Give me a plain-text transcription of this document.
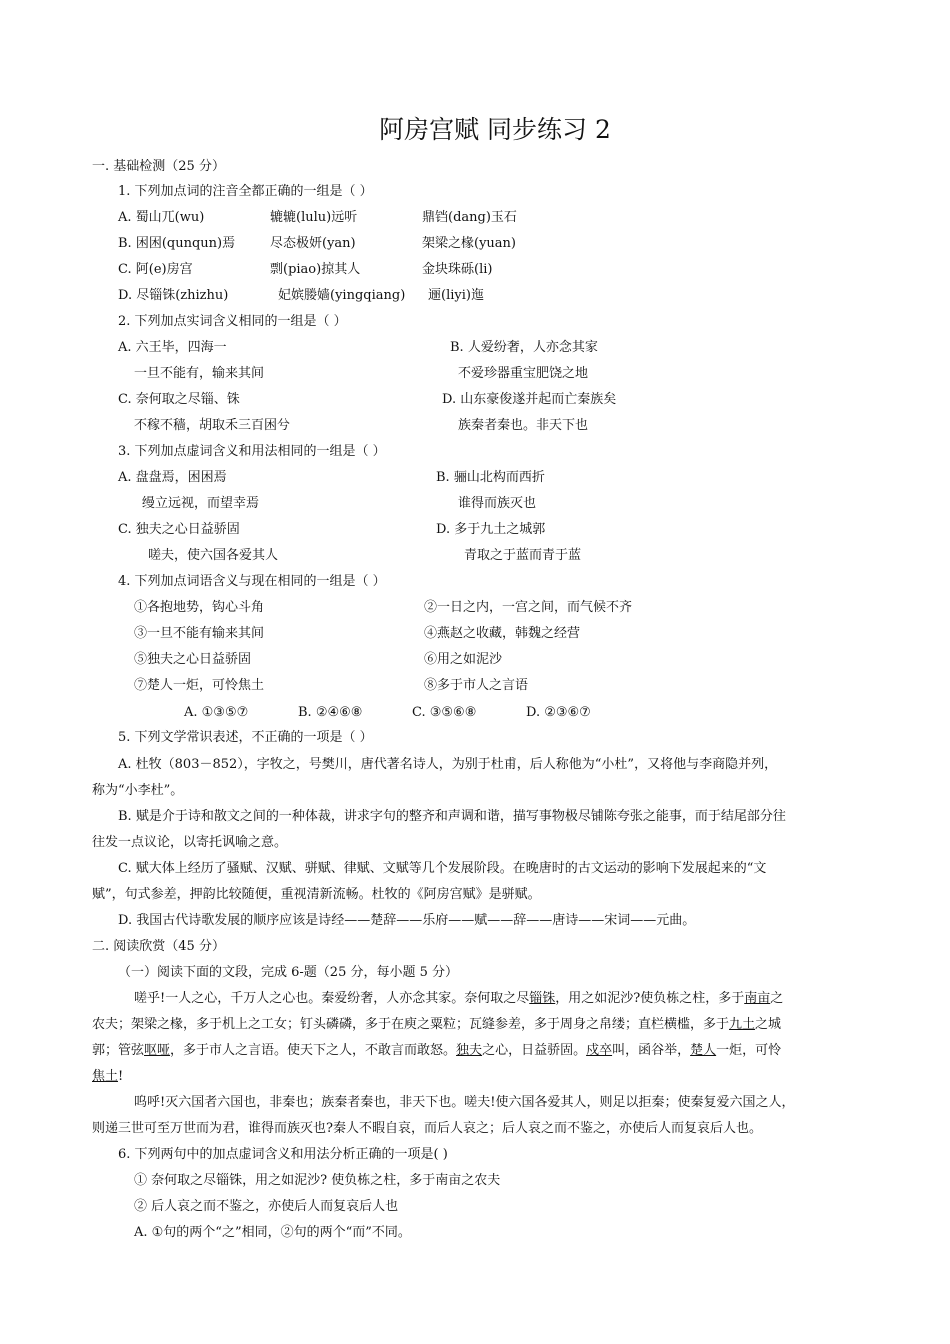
阿房宫赋 同步练习 2
一. 基础检测（25 分）
1. 下列加点词的注音全都正确的一组是（ ）
A. 蜀山兀(wu)	辘辘(lulu)远听	鼎铛(dang)玉石
B. 困困(qunqun)焉	尽态极妍(yan)	架梁之椽(yuan)
C. 阿(e)房宫	剽(piao)掠其人	金块珠砾(li)
D. 尽锱铢(zhizhu)	妃嫔媵嫱(yingqiang) 逦(liyi)迤
2. 下列加点实词含义相同的一组是（ ）
A. 六王毕，四海一	B. 人爱纷奢，人亦念其家
一旦不能有，输来其间	不爱珍器重宝肥饶之地
C. 奈何取之尽锱、铢	D. 山东豪俊遂并起而亡秦族矣
不稼不穑，胡取禾三百困兮	族秦者秦也。非天下也
3. 下列加点虚词含义和用法相同的一组是（ ）
A. 盘盘焉，困困焉	B. 骊山北构而西折
缦立远视，而望幸焉	谁得而族灭也
C. 独夫之心日益骄固	D. 多于九土之城郭
嗟夫，使六国各爱其人	青取之于蓝而青于蓝
4. 下列加点词语含义与现在相同的一组是（ ）
①各抱地势，钩心斗角	②一日之内，一宫之间，而气候不齐
③一旦不能有输来其间	④燕赵之收藏，韩魏之经营
⑤独夫之心日益骄固	⑥用之如泥沙
⑦楚人一炬，可怜焦土	⑧多于市人之言语
A. ①③⑤⑦	B. ②④⑥⑧	C. ③⑤⑥⑧	D. ②③⑥⑦
5. 下列文学常识表述，不正确的一项是（ ）
A. 杜牧（803－852），字牧之，号樊川，唐代著名诗人，为别于杜甫，后人称他为“小杜”，又将他与李商隐并列，
称为“小李杜”。
B. 赋是介于诗和散文之间的一种体裁，讲求字句的整齐和声调和谐，描写事物极尽铺陈夸张之能事，而于结尾部分往
往发一点议论，以寄托讽喻之意。
C. 赋大体上经历了骚赋、汉赋、骈赋、律赋、文赋等几个发展阶段。在晚唐时的古文运动的影响下发展起来的“文
赋”，句式参差，押韵比较随便，重视清新流畅。杜牧的《阿房宫赋》是骈赋。
D. 我国古代诗歌发展的顺序应该是诗经——楚辞——乐府——赋——辞——唐诗——宋词——元曲。
二. 阅读欣赏（45 分）
（一）阅读下面的文段，完成 6-题（25 分，每小题 5 分）
嗟乎!一人之心，千万人之心也。秦爱纷奢，人亦念其家。奈何取之尽锱铢，用之如泥沙?使负栋之柱，多于南亩之
农夫；架梁之椽，多于机上之工女；钉头磷磷，多于在庾之粟粒；瓦缝参差，多于周身之帛缕；直栏横槛，多于九土之城
郭；管弦呕哑，多于市人之言语。使天下之人，不敢言而敢怒。独夫之心，日益骄固。戍卒叫，函谷举，楚人一炬，可怜
焦土!
呜呼!灭六国者六国也，非秦也；族秦者秦也，非天下也。嗟夫!使六国各爱其人，则足以拒秦；使秦复爱六国之人，
则递三世可至万世而为君，谁得而族灭也?秦人不暇自哀，而后人哀之；后人哀之而不鉴之，亦使后人而复哀后人也。
6. 下列两句中的加点虚词含义和用法分析正确的一项是( )
① 奈何取之尽锱铢，用之如泥沙? 使负栋之柱，多于南亩之农夫
② 后人哀之而不鉴之，亦使后人而复哀后人也
A. ①句的两个“之”相同，②句的两个“而”不同。
